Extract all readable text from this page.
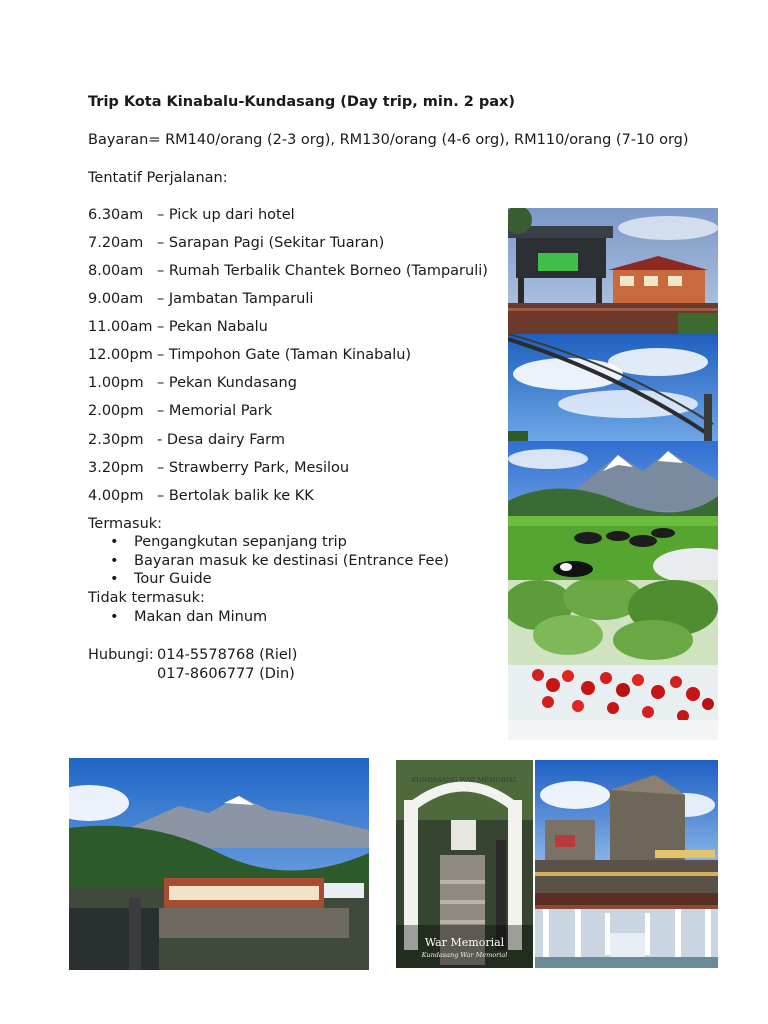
Trip Kota Kinabalu-Kundasang (Day trip, min. 2 pax)
Bayaran= RM140/orang (2-3 org), RM130/orang (4-6 org), RM110/orang (7-10 org)
Tentatif Perjalanan:
6.30am – Pick up dari hotel
7.20am – Sarapan Pagi (Sekitar Tuaran)
8.00am – Rumah Terbalik Chantek Borneo (Tamparuli)
9.00am – Jambatan Tamparuli
11.00am – Pekan Nabalu
12.00pm – Timpohon Gate (Taman Kinabalu)
1.00pm – Pekan Kundasang
2.00pm – Memorial Park
2.30pm - Desa dairy Farm
3.20pm – Strawberry Park, Mesilou
4.00pm – Bertolak balik ke KK
Termasuk:
• Pengangkutan sepanjang trip
• Bayaran masuk ke destinasi (Entrance Fee)
• Tour Guide
Tidak termasuk:
• Makan dan Minum
Hubungi: 014-5578768 (Riel)
017-8606777 (Din)
KUNDASANG WAR MEMORIAL
War Memorial
Kundasang War Memorial
